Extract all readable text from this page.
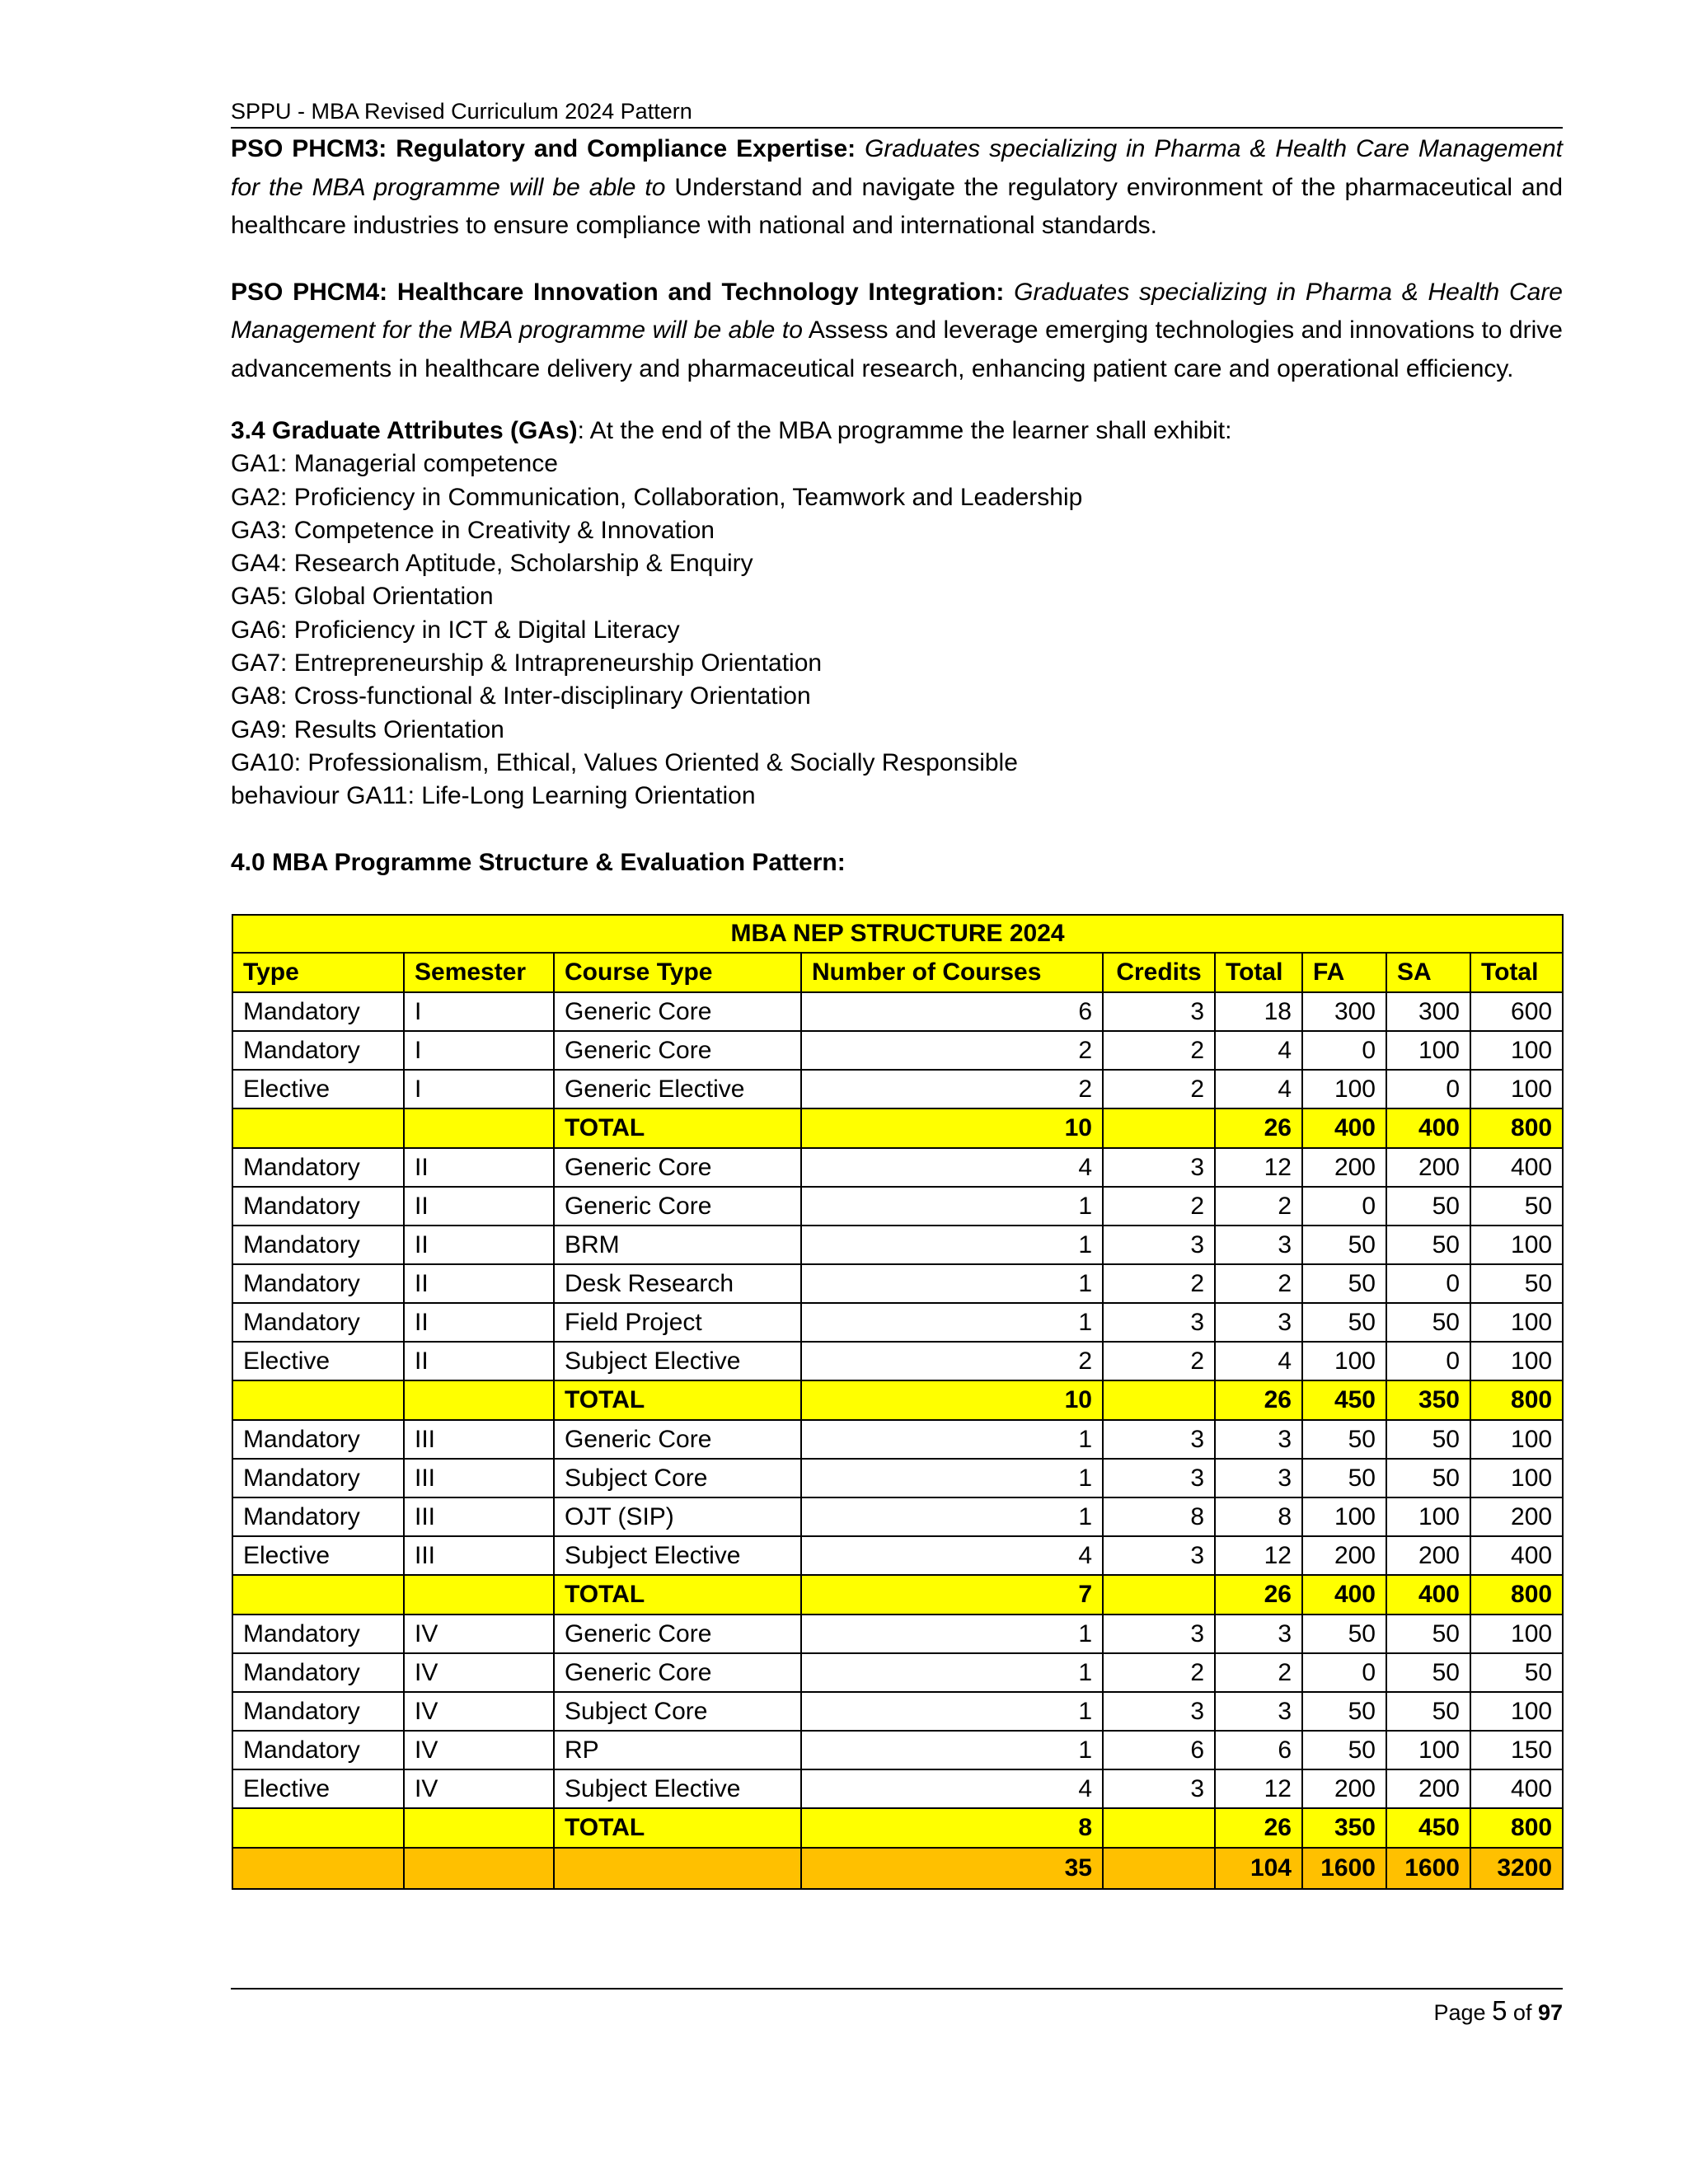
SPPU - MBA Revised Curriculum 2024 Pattern

PSO PHCM3: Regulatory and Compliance Expertise: Graduates specializing in Pharma & Health Care Management for the MBA programme will be able to Understand and navigate the regulatory environment of the pharmaceutical and healthcare industries to ensure compliance with national and international standards.

PSO PHCM4: Healthcare Innovation and Technology Integration: Graduates specializing in Pharma & Health Care Management for the MBA programme will be able to Assess and leverage emerging technologies and innovations to drive advancements in healthcare delivery and pharmaceutical research, enhancing patient care and operational efficiency.

3.4 Graduate Attributes (GAs): At the end of the MBA programme the learner shall exhibit:
GA1: Managerial competence
GA2: Proficiency in Communication, Collaboration, Teamwork and Leadership
GA3: Competence in Creativity & Innovation
GA4: Research Aptitude, Scholarship & Enquiry
GA5: Global Orientation
GA6: Proficiency in ICT & Digital Literacy
GA7: Entrepreneurship & Intrapreneurship Orientation
GA8: Cross-functional & Inter-disciplinary Orientation
GA9: Results Orientation
GA10: Professionalism, Ethical, Values Oriented & Socially Responsible
behaviour GA11: Life-Long Learning Orientation
4.0 MBA Programme Structure & Evaluation Pattern:
MBA NEP STRUCTURE 2024								
Type	Semester	Course Type	Number of Courses	Credits	Total	FA	SA	Total
Mandatory	I	Generic Core	6	3	18	300	300	600
Mandatory	I	Generic Core	2	2	4	0	100	100
Elective	I	Generic Elective	2	2	4	100	0	100
		TOTAL	10		26	400	400	800
Mandatory	II	Generic Core	4	3	12	200	200	400
Mandatory	II	Generic Core	1	2	2	0	50	50
Mandatory	II	BRM	1	3	3	50	50	100
Mandatory	II	Desk Research	1	2	2	50	0	50
Mandatory	II	Field Project	1	3	3	50	50	100
Elective	II	Subject Elective	2	2	4	100	0	100
		TOTAL	10		26	450	350	800
Mandatory	III	Generic Core	1	3	3	50	50	100
Mandatory	III	Subject Core	1	3	3	50	50	100
Mandatory	III	OJT (SIP)	1	8	8	100	100	200
Elective	III	Subject Elective	4	3	12	200	200	400
		TOTAL	7		26	400	400	800
Mandatory	IV	Generic Core	1	3	3	50	50	100
Mandatory	IV	Generic Core	1	2	2	0	50	50
Mandatory	IV	Subject Core	1	3	3	50	50	100
Mandatory	IV	RP	1	6	6	50	100	150
Elective	IV	Subject Elective	4	3	12	200	200	400
		TOTAL	8		26	350	450	800
			35		104	1600	1600	3200
Page 5 of 97
